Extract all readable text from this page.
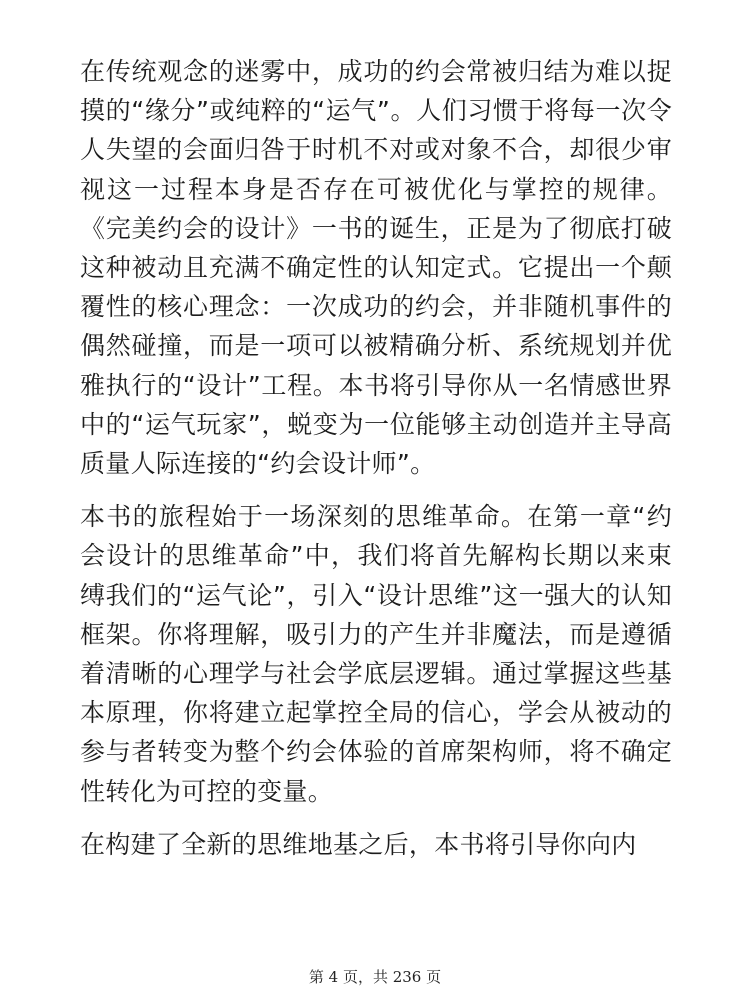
在传统观念的迷雾中，成功的约会常被归结为难以捉摸的“缘分”或纯粹的“运气”。人们习惯于将每一次令人失望的会面归咎于时机不对或对象不合，却很少审视这一过程本身是否存在可被优化与掌控的规律。《完美约会的设计》一书的诞生，正是为了彻底打破这种被动且充满不确定性的认知定式。它提出一个颠覆性的核心理念：一次成功的约会，并非随机事件的偶然碰撞，而是一项可以被精确分析、系统规划并优雅执行的“设计”工程。本书将引导你从一名情感世界中的“运气玩家”，蜕变为一位能够主动创造并主导高质量人际连接的“约会设计师”。

本书的旅程始于一场深刻的思维革命。在第一章“约会设计的思维革命”中，我们将首先解构长期以来束缚我们的“运气论”，引入“设计思维”这一强大的认知框架。你将理解，吸引力的产生并非魔法，而是遵循着清晰的心理学与社会学底层逻辑。通过掌握这些基本原理，你将建立起掌控全局的信心，学会从被动的参与者转变为整个约会体验的首席架构师，将不确定性转化为可控的变量。

在构建了全新的思维地基之后，本书将引导你向内

第 4 页，共 236 页
